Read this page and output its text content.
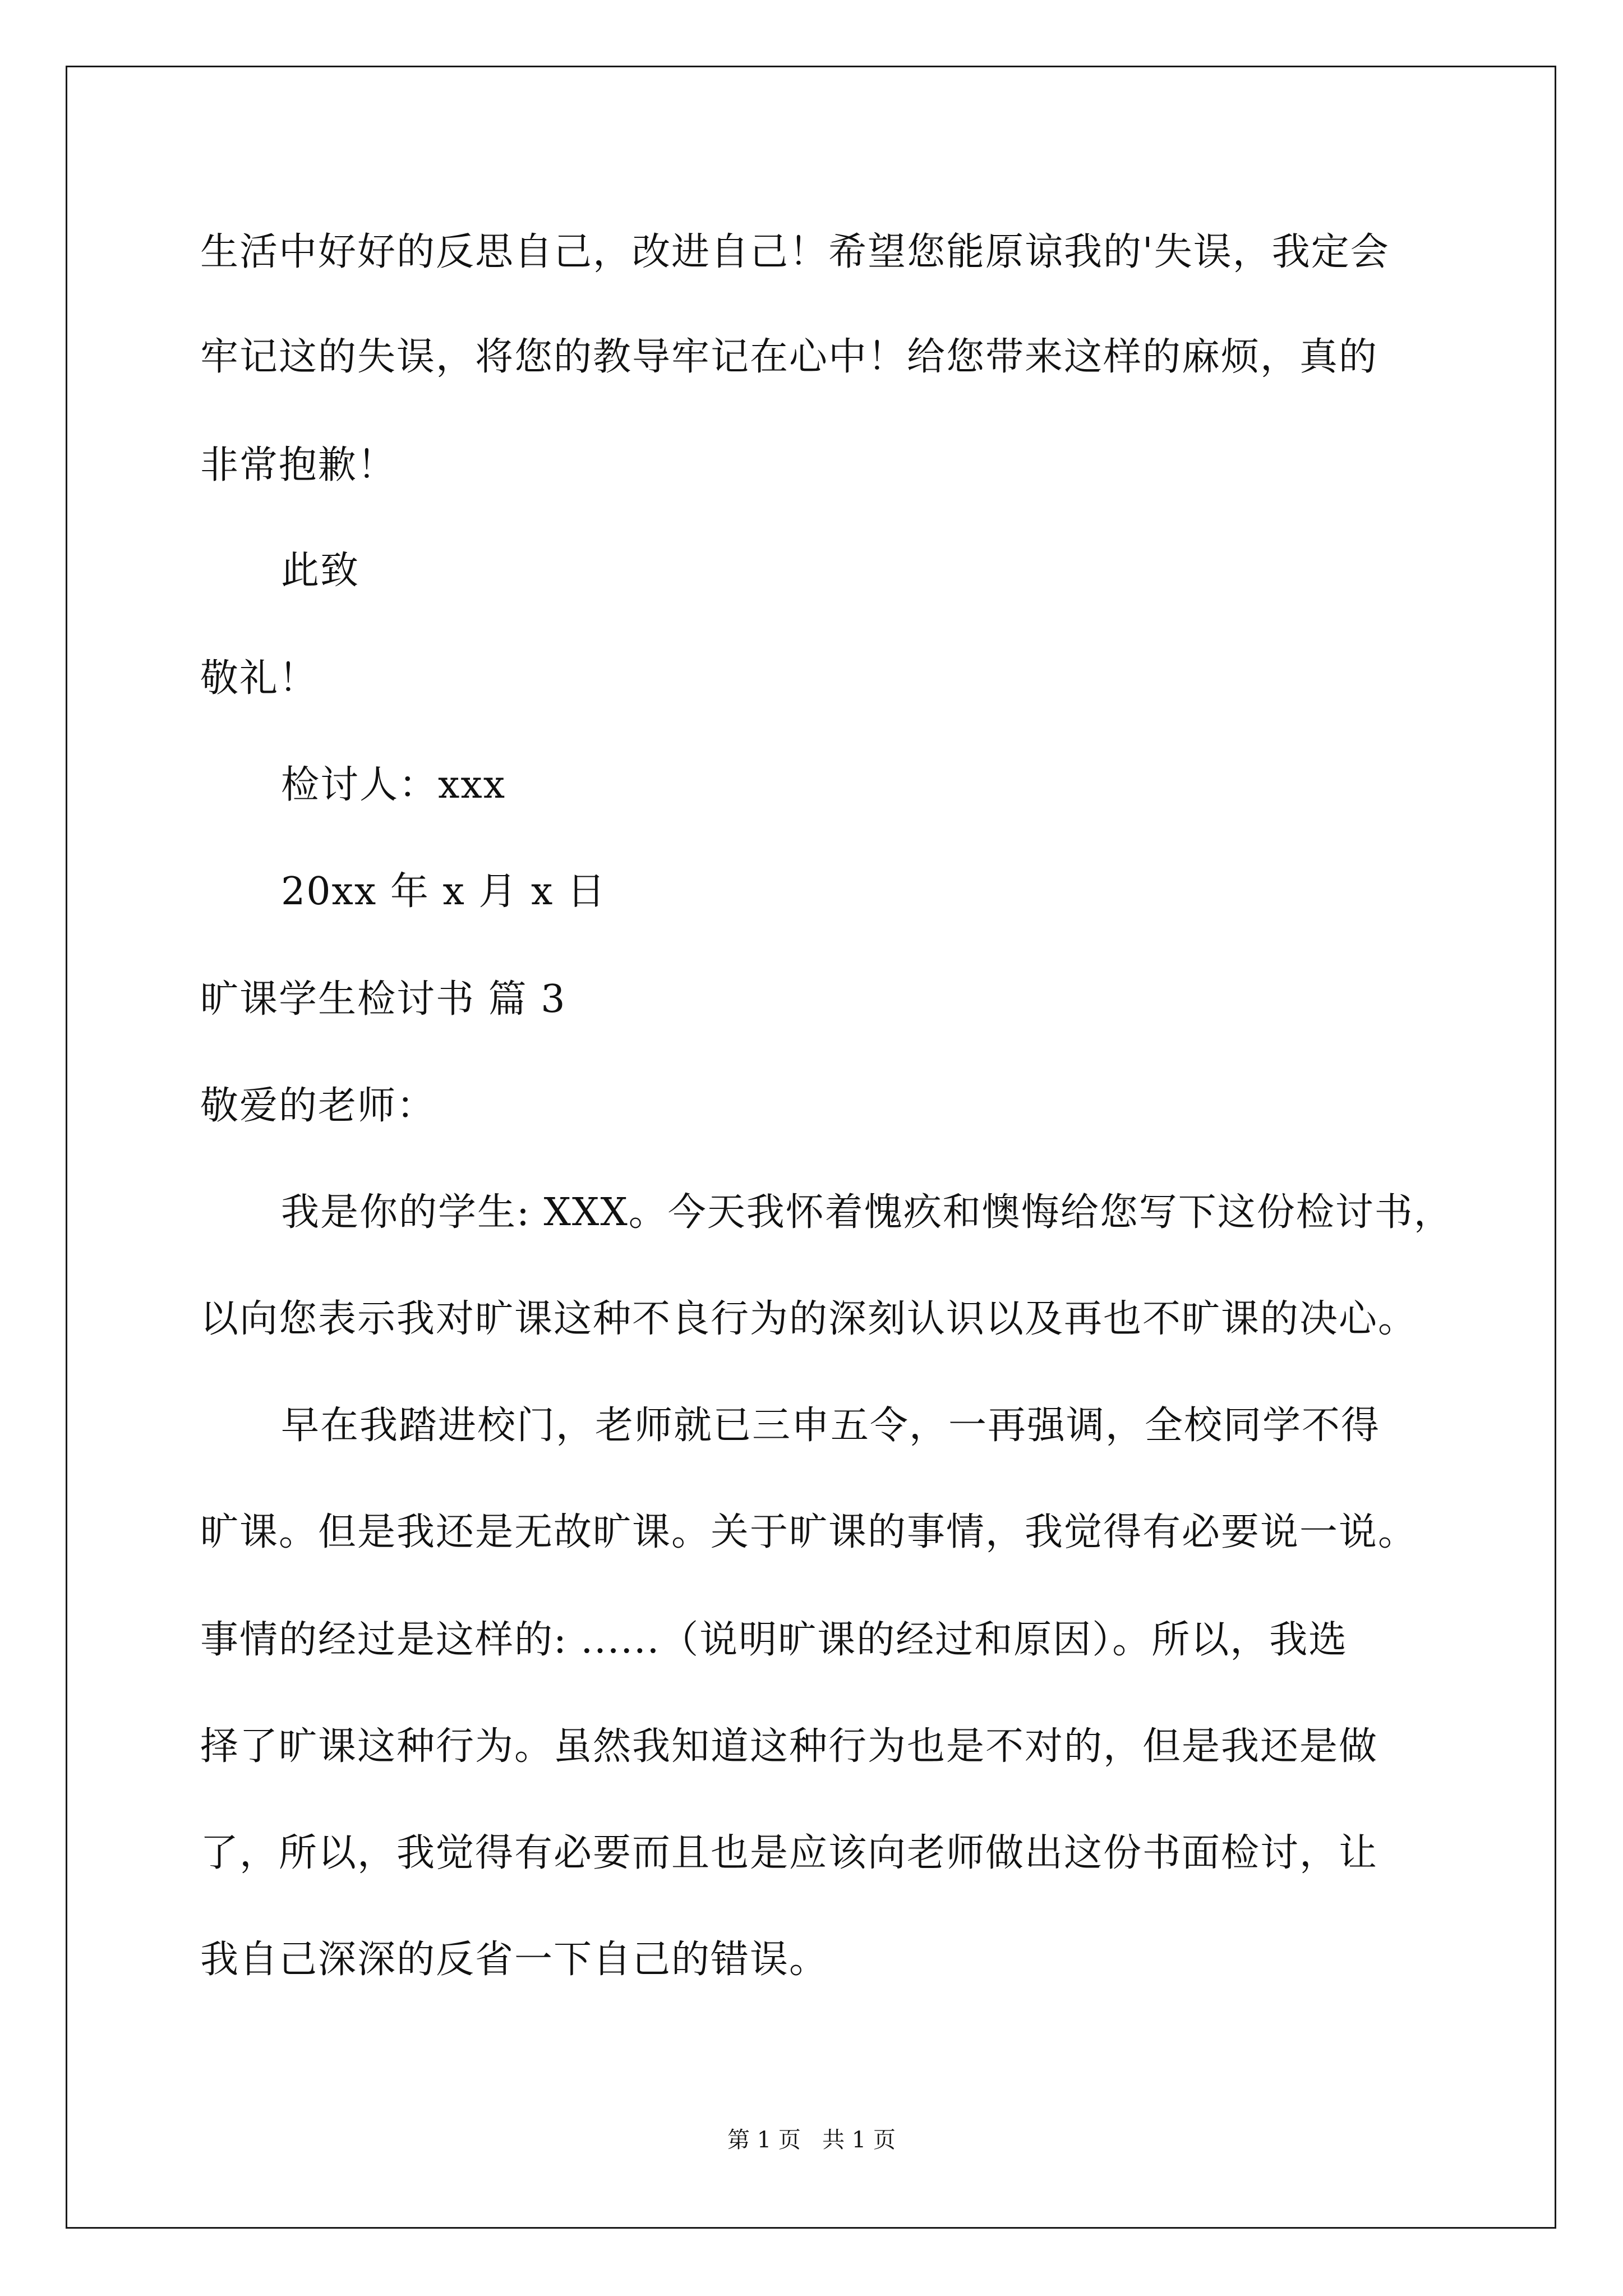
生活中好好的反思自己，改进自己！希望您能原谅我的'失误，我定会
牢记这的失误，将您的教导牢记在心中！给您带来这样的麻烦，真的
非常抱歉！
此致
敬礼！
检讨人：xxx
20xx 年 x 月 x 日
旷课学生检讨书 篇 3
敬爱的老师：
我是你的学生: XXX。今天我怀着愧疚和懊悔给您写下这份检讨书，
以向您表示我对旷课这种不良行为的深刻认识以及再也不旷课的决心。
早在我踏进校门，老师就已三申五令，一再强调，全校同学不得
旷课。但是我还是无故旷课。关于旷课的事情，我觉得有必要说一说。
事情的经过是这样的: ......（说明旷课的经过和原因）。所以，我选
择了旷课这种行为。虽然我知道这种行为也是不对的，但是我还是做
了，所以，我觉得有必要而且也是应该向老师做出这份书面检讨，让
我自己深深的反省一下自己的错误。
第 1 页   共 1 页
